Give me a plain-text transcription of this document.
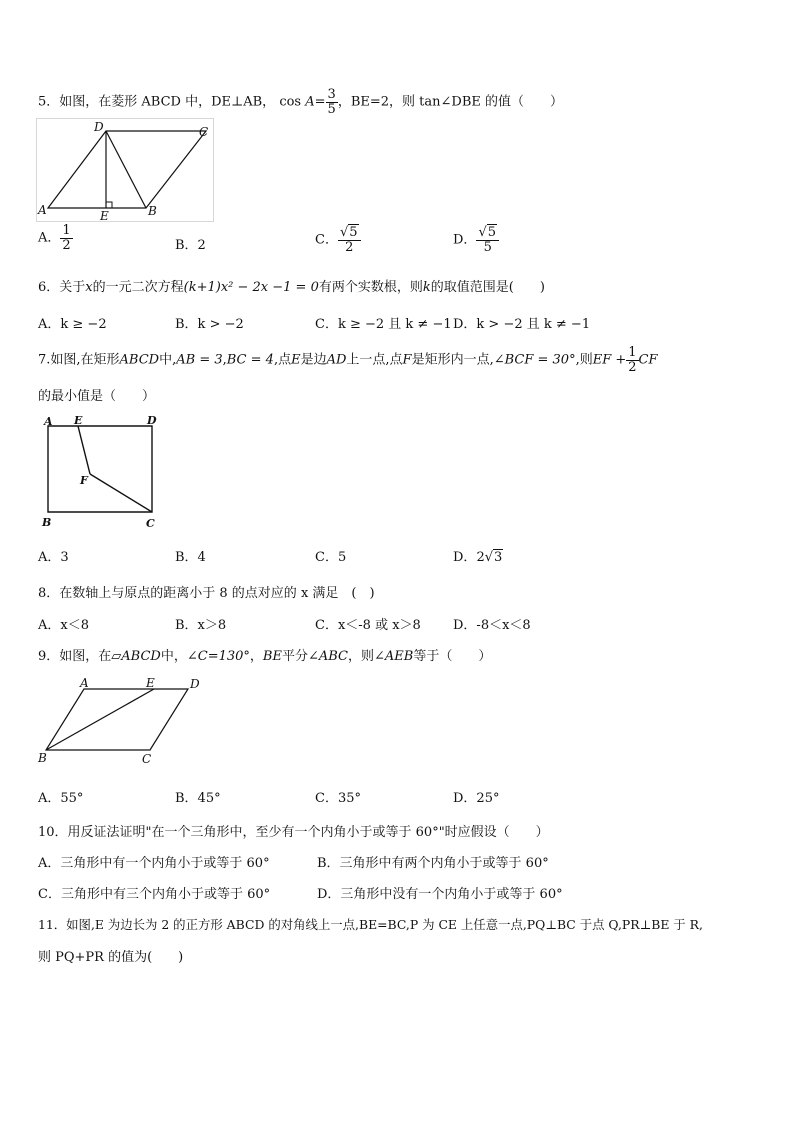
5．如图，在菱形 ABCD 中，DE⊥AB， $\cos A= \frac{3}{5}$ ，BE=2，则 tan∠DBE 的值（　　）
A	B
C
D
E
A． $\frac{1}{2}$	B．2	C． $\frac{√5}{2}$	D． $\frac{√5}{5}$
6．关于x的一元二次方程(k+1)x² − 2x −1 = 0有两个实数根，则k的取值范围是(　　)
A．k ≥ −2	B．k > −2	C．k ≥ −2 且 k ≠ −1 D．k > −2 且 k ≠ −1
7.如图,在矩形ABCD中,AB = 3,BC = 4,点E是边AD上一点,点F是矩形内一点,∠BCF = 30°,则EF + $\frac{1}{2}$ CF
的最小值是（　　）
A E	D
F
B	C
A．3	B．4	C．5	D．2√3
8．在数轴上与原点的距离小于 8 的点对应的 x 满足　(　)
A．x＜8	B．x＞8	C．x＜-8 或 x＞8 D．-8＜x＜8
9．如图，在▱ABCD中，∠C=130°，BE平分∠ABC，则∠AEB等于（　　）
A	E	D
B	C
A．55°	B．45°	C．35°	D．25°
10．用反证法证明"在一个三角形中，至少有一个内角小于或等于 60°"时应假设（　　）
A．三角形中有一个内角小于或等于 60°	B．三角形中有两个内角小于或等于 60°
C．三角形中有三个内角小于或等于 60°	D．三角形中没有一个内角小于或等于 60°
11．如图,E 为边长为 2 的正方形 ABCD 的对角线上一点,BE=BC,P 为 CE 上任意一点,PQ⊥BC 于点 Q,PR⊥BE 于 R,
则 PQ+PR 的值为(　　)
